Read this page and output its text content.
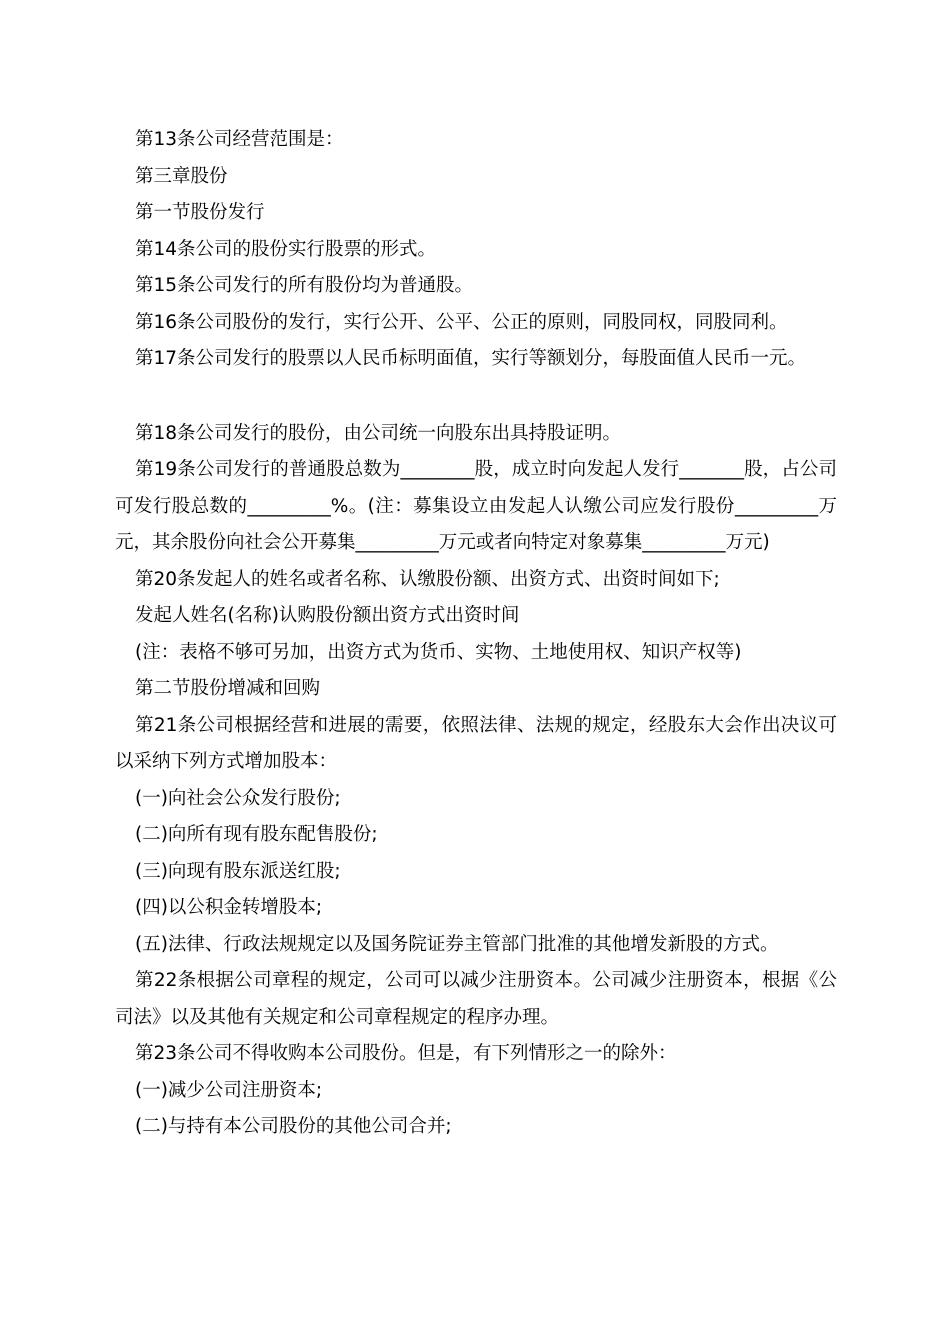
第13条公司经营范围是：

第三章股份

第一节股份发行

第14条公司的股份实行股票的形式。

第15条公司发行的所有股份均为普通股。

第16条公司股份的发行，实行公开、公平、公正的原则，同股同权，同股同利。

第17条公司发行的股票以人民币标明面值，实行等额划分，每股面值人民币一元。

第18条公司发行的股份，由公司统一向股东出具持股证明。

第19条公司发行的普通股总数为________股，成立时向发起人发行_______股，占公司可发行股总数的_________%。(注：募集设立由发起人认缴公司应发行股份_________万元，其余股份向社会公开募集_________万元或者向特定对象募集_________万元)

第20条发起人的姓名或者名称、认缴股份额、出资方式、出资时间如下;

发起人姓名(名称)认购股份额出资方式出资时间

(注：表格不够可另加，出资方式为货币、实物、土地使用权、知识产权等)

第二节股份增减和回购

第21条公司根据经营和进展的需要，依照法律、法规的规定，经股东大会作出决议可以采纳下列方式增加股本：

(一)向社会公众发行股份;

(二)向所有现有股东配售股份;

(三)向现有股东派送红股;

(四)以公积金转增股本;

(五)法律、行政法规规定以及国务院证券主管部门批准的其他增发新股的方式。

第22条根据公司章程的规定，公司可以减少注册资本。公司减少注册资本，根据《公司法》以及其他有关规定和公司章程规定的程序办理。

第23条公司不得收购本公司股份。但是，有下列情形之一的除外：

(一)减少公司注册资本;

(二)与持有本公司股份的其他公司合并;
